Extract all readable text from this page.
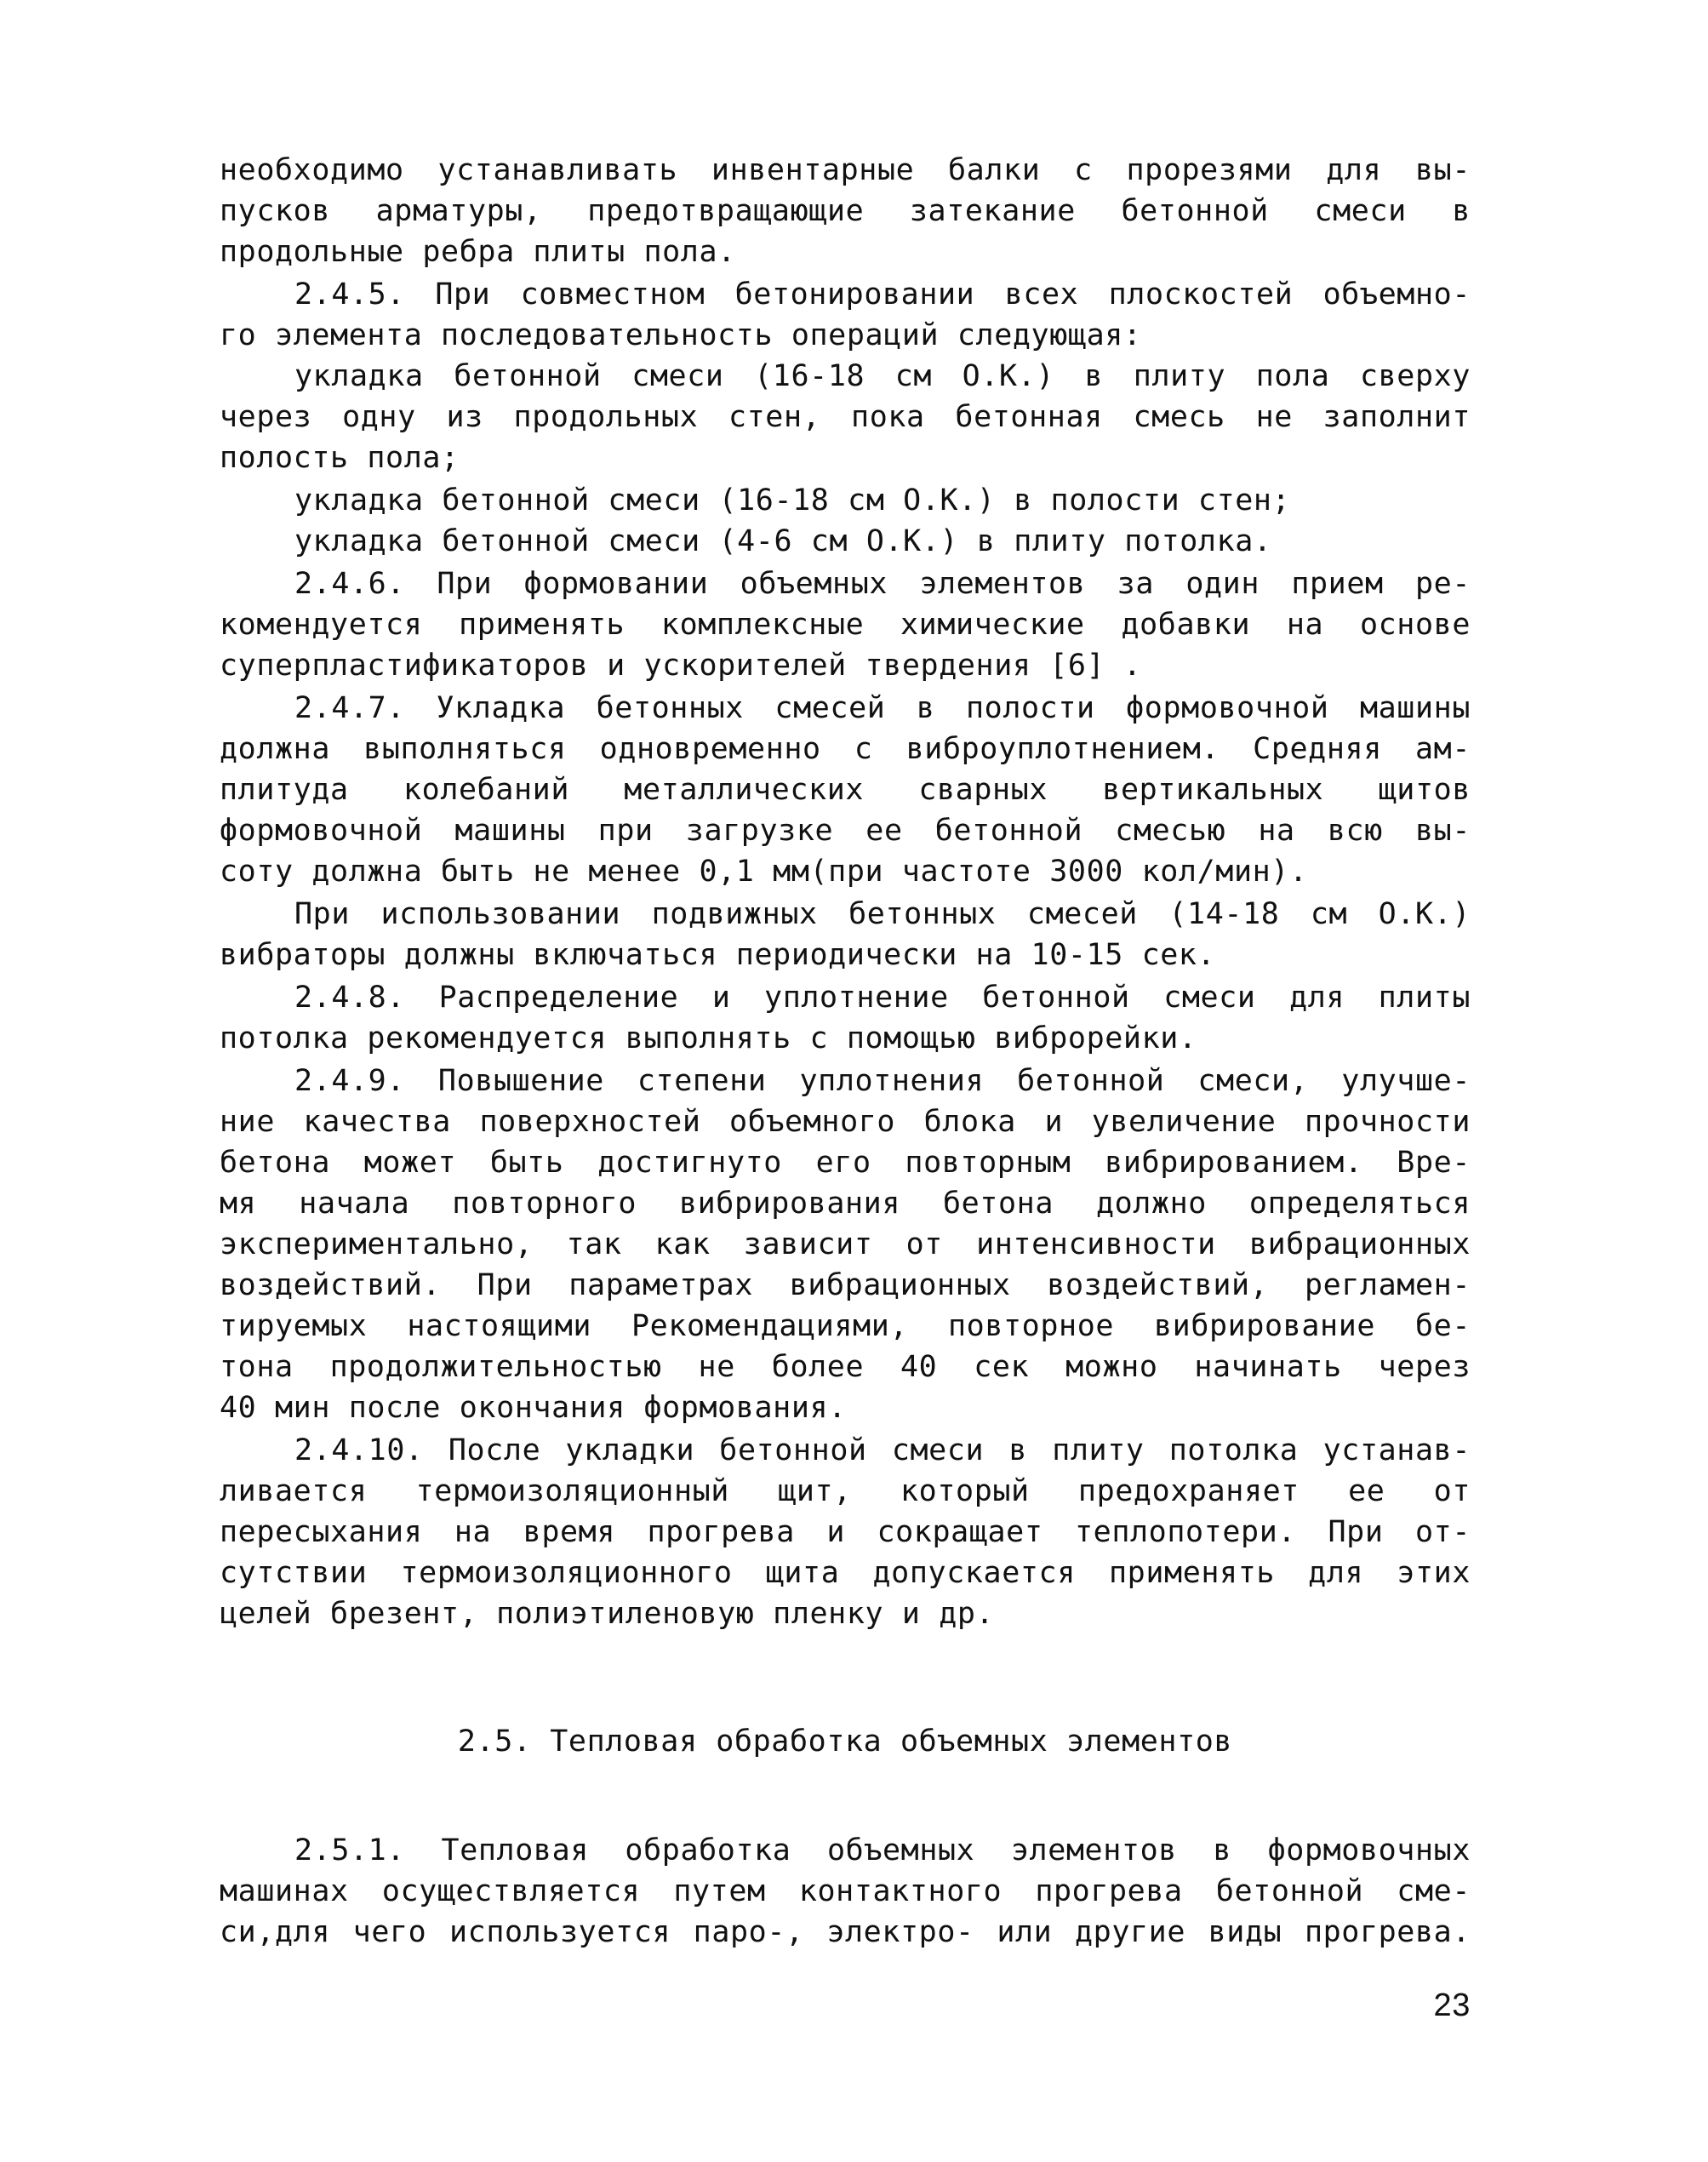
необходимо устанавливать инвентарные балки с прорезями для вы-
пусков арматуры, предотвращающие затекание бетонной смеси в
продольные ребра плиты пола.
2.4.5. При совместном бетонировании всех плоскостей объемно-
го элемента последовательность операций следующая:
укладка бетонной смеси (16-18 см О.К.) в плиту пола сверху
через одну из продольных стен, пока бетонная смесь не заполнит
полость пола;
укладка бетонной смеси (16-18 см О.К.) в полости стен;
укладка бетонной смеси (4-6 см О.К.) в плиту потолка.
2.4.6. При формовании объемных элементов за один прием ре-
комендуется применять комплексные химические добавки на основе
суперпластификаторов и ускорителей твердения [6] .
2.4.7. Укладка бетонных смесей в полости формовочной машины
должна выполняться одновременно с виброуплотнением. Средняя ам-
плитуда колебаний металлических сварных вертикальных щитов
формовочной машины при загрузке ее бетонной смесью на всю вы-
соту должна быть не менее 0,1 мм(при частоте 3000 кол/мин).
При использовании подвижных бетонных смесей (14-18 см О.К.)
вибраторы должны включаться периодически на 10-15 сек.
2.4.8. Распределение и уплотнение бетонной смеси для плиты
потолка рекомендуется выполнять с помощью виброрейки.
2.4.9. Повышение степени уплотнения бетонной смеси, улучше-
ние качества поверхностей объемного блока и увеличение прочности
бетона может быть достигнуто его повторным вибрированием. Вре-
мя начала повторного вибрирования бетона должно определяться
экспериментально, так как зависит от интенсивности вибрационных
воздействий. При параметрах вибрационных воздействий, регламен-
тируемых настоящими Рекомендациями, повторное вибрирование бе-
тона продолжительностью не более 40 сек можно начинать через
40 мин после окончания формования.
2.4.10. После укладки бетонной смеси в плиту потолка устанав-
ливается термоизоляционный щит, который предохраняет ее от
пересыхания на время прогрева и сокращает теплопотери. При от-
сутствии термоизоляционного щита допускается применять для этих
целей брезент, полиэтиленовую пленку и др.
2.5. Тепловая обработка объемных элементов
2.5.1. Тепловая обработка объемных элементов в формовочных
машинах осуществляется путем контактного прогрева бетонной сме-
си,для чего используется паро-, электро- или другие виды прогрева.
23
